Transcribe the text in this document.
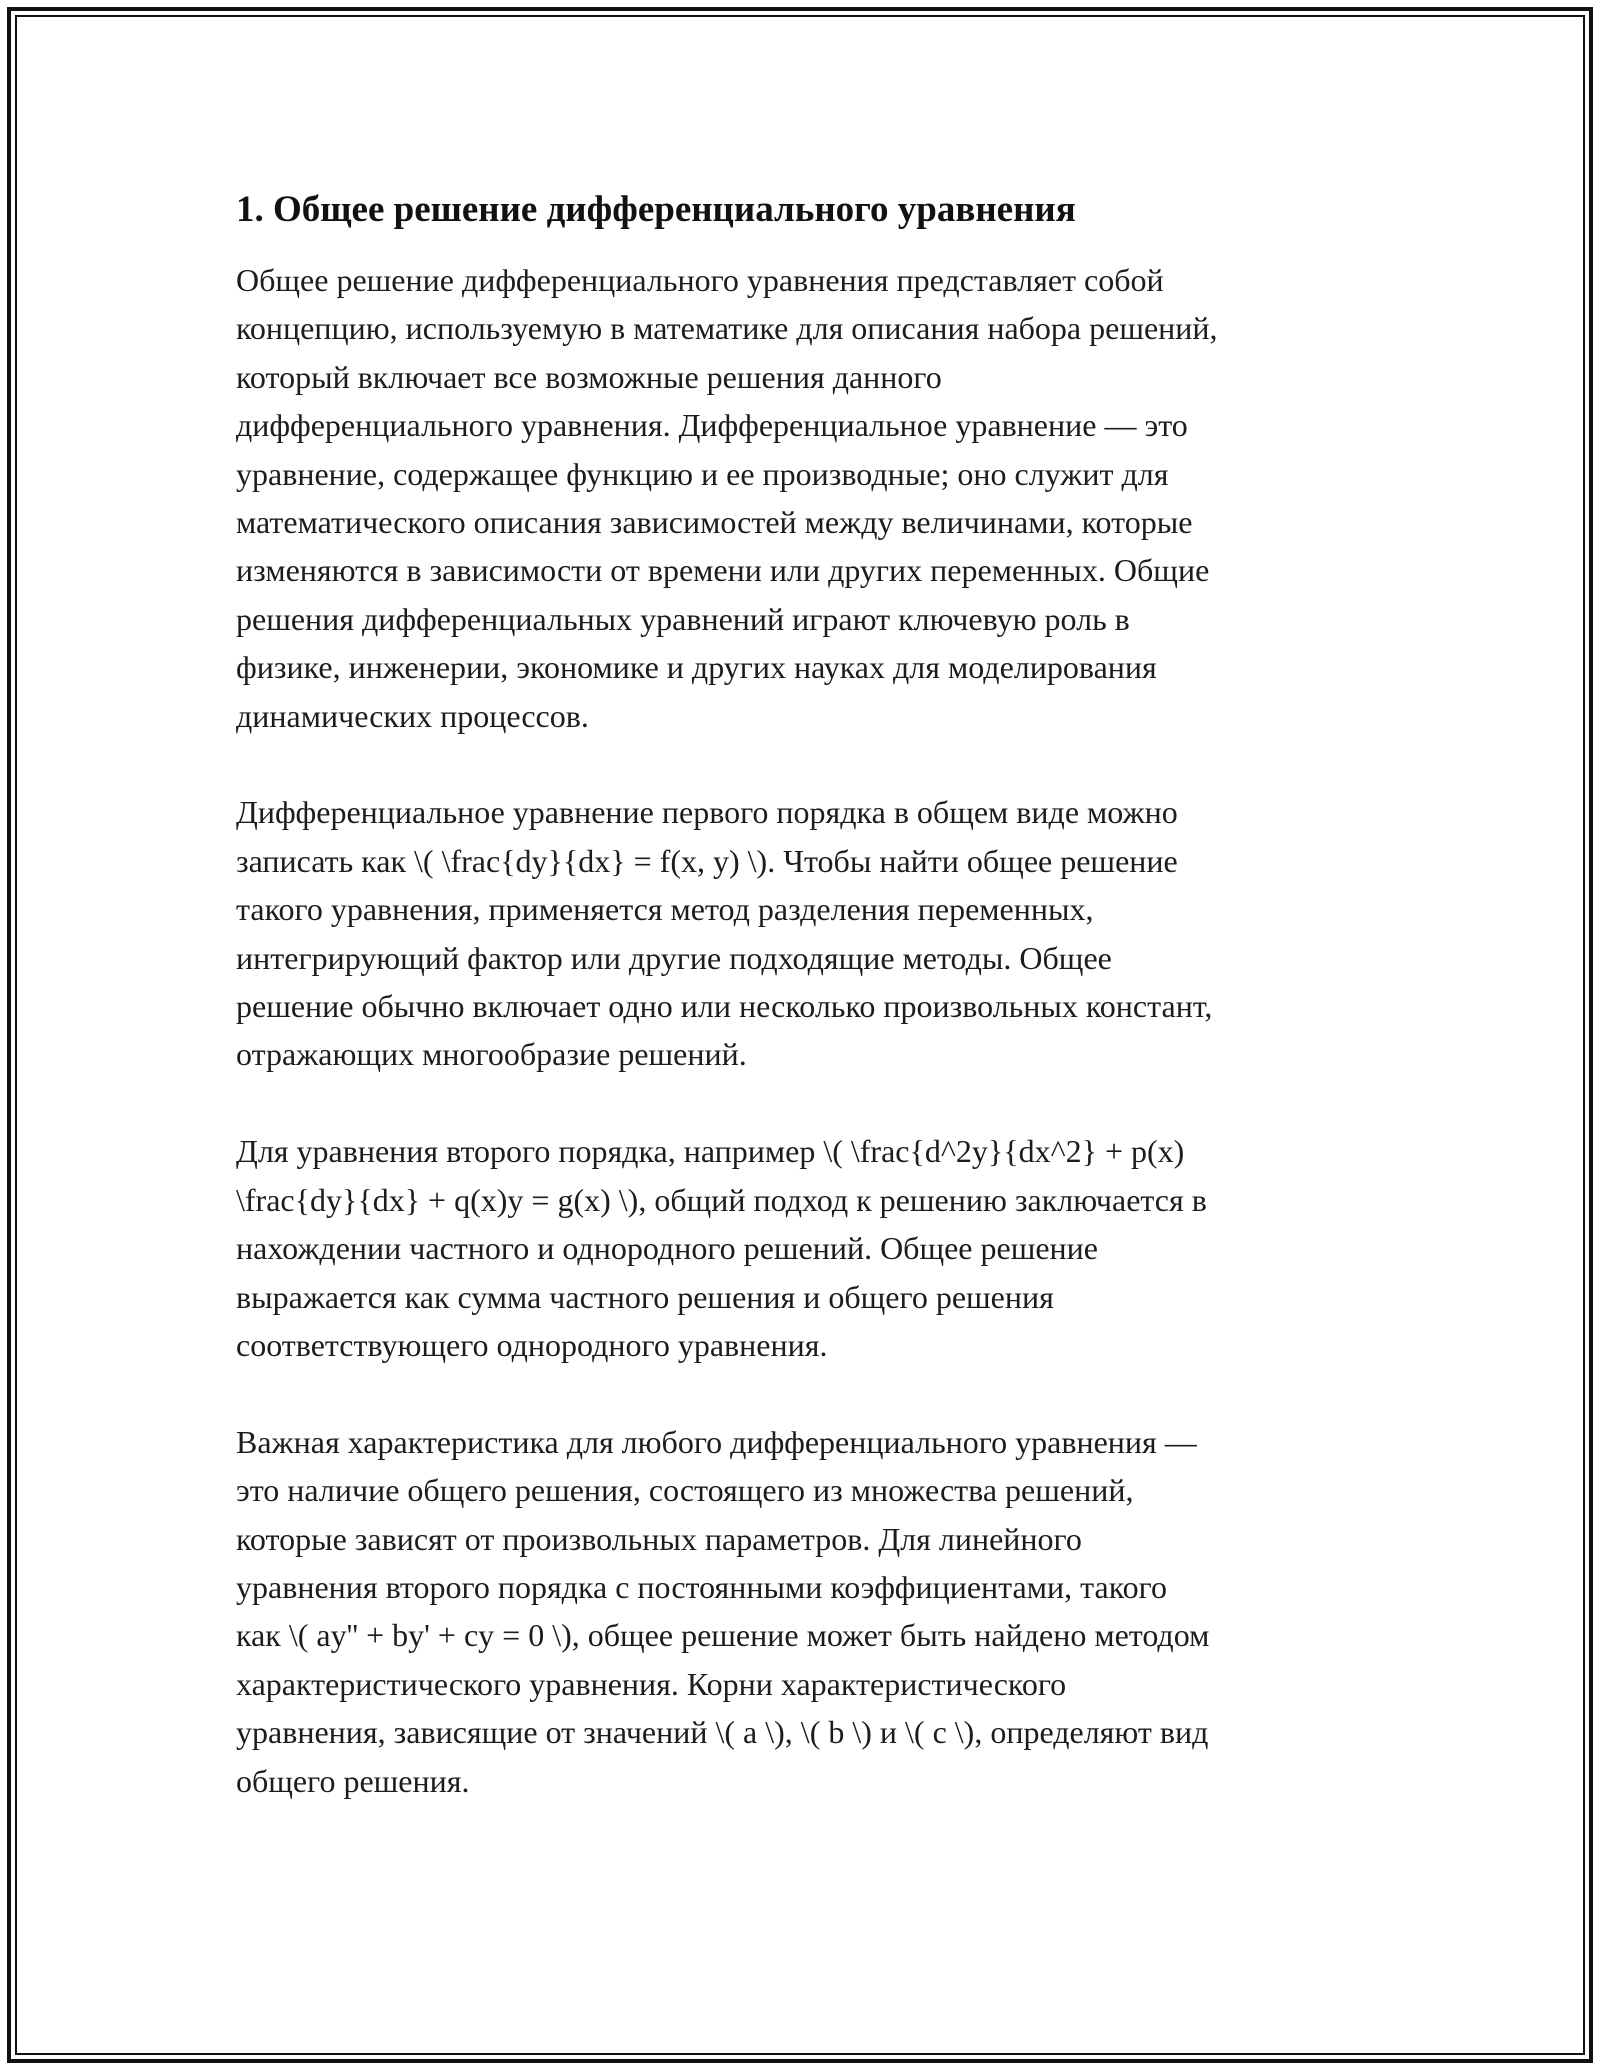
1. Общее решение дифференциального уравнения
Общее решение дифференциального уравнения представляет собой
концепцию, используемую в математике для описания набора решений,
который включает все возможные решения данного
дифференциального уравнения. Дифференциальное уравнение — это
уравнение, содержащее функцию и ее производные; оно служит для
математического описания зависимостей между величинами, которые
изменяются в зависимости от времени или других переменных. Общие
решения дифференциальных уравнений играют ключевую роль в
физике, инженерии, экономике и других науках для моделирования
динамических процессов.
Дифференциальное уравнение первого порядка в общем виде можно
записать как \( \frac{dy}{dx} = f(x, y) \). Чтобы найти общее решение
такого уравнения, применяется метод разделения переменных,
интегрирующий фактор или другие подходящие методы. Общее
решение обычно включает одно или несколько произвольных констант,
отражающих многообразие решений.
Для уравнения второго порядка, например \( \frac{d^2y}{dx^2} + p(x)
\frac{dy}{dx} + q(x)y = g(x) \), общий подход к решению заключается в
нахождении частного и однородного решений. Общее решение
выражается как сумма частного решения и общего решения
соответствующего однородного уравнения.
Важная характеристика для любого дифференциального уравнения —
это наличие общего решения, состоящего из множества решений,
которые зависят от произвольных параметров. Для линейного
уравнения второго порядка с постоянными коэффициентами, такого
как \( ay'' + by' + cy = 0 \), общее решение может быть найдено методом
характеристического уравнения. Корни характеристического
уравнения, зависящие от значений \( a \), \( b \) и \( c \), определяют вид
общего решения.
